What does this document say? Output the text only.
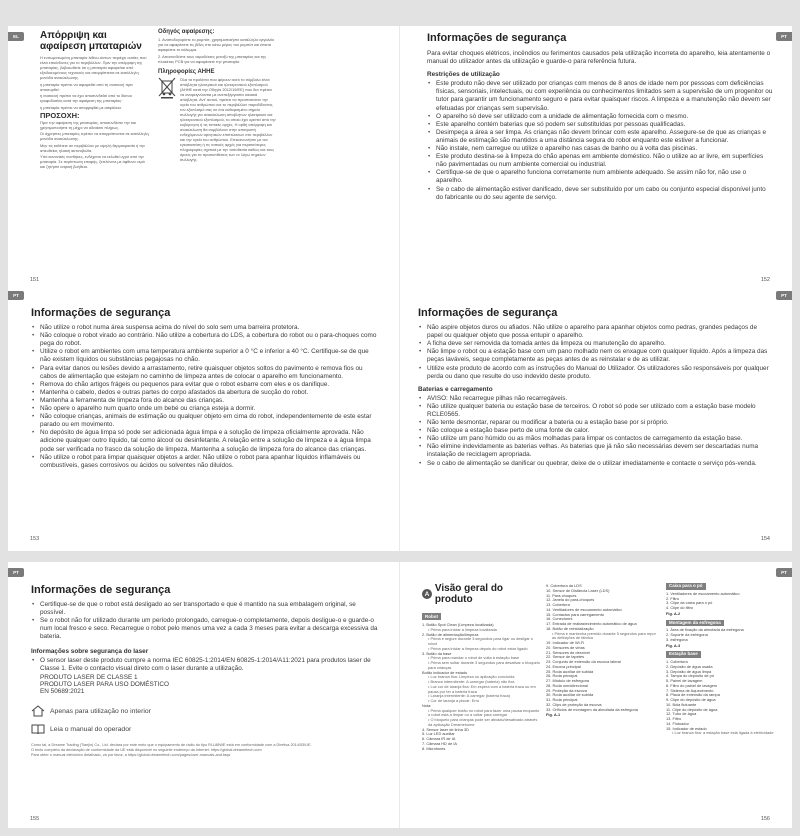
EL	Απόρριψη και αφαίρεση μπαταριών

Η ενσωματωμένη μπαταρία λιθίου-ιόντων περιέχει ουσίες που είναι επικίνδυνες για το περιβάλλον. Πριν την απόρριψη της μπαταρίας, βεβαιωθείτε ότι η μπαταρία αφαιρείται από εξειδικευμένους τεχνικούς και απορρίπτεται σε κατάλληλη μονάδα ανακύκλωσης.

η μπαταρία πρέπει να αφαιρεθεί από τη συσκευή πριν αποσυρθεί·

η συσκευή πρέπει να έχει αποσυνδεθεί από το δίκτυο τροφοδοσίας κατά την αφαίρεση της μπαταρίας·

η μπαταρία πρέπει να απορριφθεί με ασφάλεια.

ΠΡΟΣΟΧΗ:

Πριν την αφαίρεση της μπαταρίας, αποσυνδέστε την και χρησιμοποιήστε τη μέχρι να αδειάσει πλήρως.

Οι άχρηστες μπαταρίες πρέπει να απορρίπτονται σε κατάλληλη μονάδα ανακύκλωσης.

Μην τις εκθέτετε σε περιβάλλον με υψηλή θερμοκρασία ή την απευθείας ηλιακή ακτινοβολία.

Υπό κανονικές συνθήκες, ενδέχεται να εκλυθεί υγρό από την μπαταρία. Σε περίπτωση επαφής, ξεπλύνετε με άφθονο νερό και ζητήστε ιατρική βοήθεια.

Οδηγός αφαίρεσης:

1. Αναποδογυρίστε το ρομπότ, χρησιμοποιήστε κατάλληλο εργαλείο για να αφαιρέσετε τις βίδες στο κάτω μέρος του ρομπότ και έπειτα αφαιρέστε το κάλυμμα.

2. Αποσυνδέστε τους ακροδέκτες μεταξύ της μπαταρίας και της πλακέτας PCB για να αφαιρέσετε την μπαταρία.

Πληροφορίες ΑΗΗΕ

Όλα τα προϊόντα που φέρουν αυτό το σύμβολο είναι απόβλητα ηλεκτρικού και ηλεκτρονικού εξοπλισμού (ΑΗΗΕ κατά την Οδηγία 2012/19/ΕΕ) που δεν πρέπει να αναμειγνύονται με ανεπεξέργαστα οικιακά απόβλητα. Αντ' αυτού, πρέπει να προστατεύετε την υγεία του ανθρώπου και το περιβάλλον παραδίδοντας τον εξοπλισμό σας σε ένα καθορισμένο σημείο συλλογής για ανακύκλωση αποβλήτων ηλεκτρικού και ηλεκτρονικού εξοπλισμού, το οποίο έχει οριστεί από την κυβέρνηση ή τις τοπικές αρχές. Η ορθή απόρριψη και ανακύκλωση θα συμβάλουν στην αποτροπή ενδεχόμενων αρνητικών επιπτώσεων στο περιβάλλον και την υγεία του ανθρώπου. Επικοινωνήστε με τον εγκαταστάτη ή τις τοπικές αρχές για περισσότερες πληροφορίες σχετικά με την τοποθεσία καθώς και τους όρους για τα προσυπθέσεις των εν λόγω σημείων συλλογής.

151
PT
Informações de segurança

Para evitar choques elétricos, incêndios ou ferimentos causados pela utilização incorreta do aparelho, leia atentamente o manual do utilizador antes da utilização e guarde-o para referência futura.

Restrições de utilização
• Este produto não deve ser utilizado por crianças com menos de 8 anos de idade nem por pessoas com deficiências físicas, sensoriais, intelectuais, ou com experiência ou conhecimentos limitados sem a supervisão de um progenitor ou tutor para garantir um funcionamento seguro e para evitar quaisquer riscos. A limpeza e a manutenção não devem ser efetuadas por crianças sem supervisão.
• O aparelho só deve ser utilizado com a unidade de alimentação fornecida com o mesmo.
• Este aparelho contém baterias que só podem ser substituídas por pessoas qualificadas.
• Desimpeça a área a ser limpa. As crianças não devem brincar com este aparelho. Assegure-se de que as crianças e animais de estimação são mantidos a uma distância segura do robot enquanto este estiver a funcionar.
• Não instale, nem carregue ou utilize o aparelho nas casas de banho ou à volta das piscinas.
• Este produto destina-se à limpeza do chão apenas em ambiente doméstico. Não o utilize ao ar livre, em superfícies não pavimentadas ou num ambiente comercial ou industrial.
• Certifique-se de que o aparelho funciona corretamente num ambiente adequado. Se assim não for, não use o aparelho.
• Se o cabo de alimentação estiver danificado, deve ser substituído por um cabo ou conjunto especial disponível junto do fabricante ou do seu agente de serviço.
152
PT
Informações de segurança
• Não utilize o robot numa área suspensa acima do nível do solo sem uma barreira protetora.
• Não coloque o robot virado ao contrário. Não utilize a cobertura do LDS, a cobertura do robot ou o para-choques como pega do robot.
• Utilize o robot em ambientes com uma temperatura ambiente superior a 0 °C e inferior a 40 °C. Certifique-se de que não existem líquidos ou substâncias pegajosas no chão.
• Para evitar danos ou lesões devido a arrastamento, retire quaisquer objetos soltos do pavimento e remova fios ou cabos de alimentação que estejam no caminho de limpeza antes de colocar o aparelho em funcionamento.
• Remova do chão artigos frágeis ou pequenos para evitar que o robot esbarre com eles e os danifique.
• Mantenha o cabelo, dedos e outras partes do corpo afastados da abertura de sucção do robot.
• Mantenha a ferramenta de limpeza fora do alcance das crianças.
• Não opere o aparelho num quarto onde um bebé ou criança esteja a dormir.
• Não coloque crianças, animais de estimação ou qualquer objeto em cima do robot, independentemente de este estar parado ou em movimento.
• No depósito de água limpa só pode ser adicionada água limpa e a solução de limpeza oficialmente aprovada. Não adicione qualquer outro líquido, tal como álcool ou desinfetante. A relação entre a solução de limpeza e a água limpa pode ser verificada no frasco da solução de limpeza. Mantenha a solução de limpeza fora do alcance das crianças.
• Não utilize o robot para limpar quaisquer objetos a arder. Não utilize o robot para apanhar líquidos inflamáveis ou combustíveis, gases corrosivos ou ácidos ou solventes não diluídos.
153
PT
Informações de segurança
• Não aspire objetos duros ou afiados. Não utilize o aparelho para apanhar objetos como pedras, grandes pedaços de papel ou qualquer objeto que possa entupir o aparelho.
• A ficha deve ser removida da tomada antes da limpeza ou manutenção do aparelho.
• Não limpe o robot ou a estação base com um pano molhado nem os enxague com qualquer líquido. Após a limpeza das peças laváveis, seque completamente as peças antes de as reinstalar e de as utilizar.
• Utilize este produto de acordo com as instruções do Manual do Utilizador. Os utilizadores são responsáveis por qualquer perda ou dano que resulte do uso indevido deste produto.
Baterias e carregamento
• AVISO: Não recarregue pilhas não recarregáveis.
• Não utilize qualquer bateria ou estação base de terceiros. O robot só pode ser utilizado com a estação base modelo RCLE0565.
• Não tente desmontar, reparar ou modificar a bateria ou a estação base por si próprio.
• Não coloque a estação base perto de uma fonte de calor.
• Não utilize um pano húmido ou as mãos molhadas para limpar os contactos de carregamento da estação base.
• Não elimine indevidamente as baterias velhas. As baterias que já não são necessárias devem ser descartadas numa instalação de reciclagem apropriada.
• Se o cabo de alimentação se danificar ou quebrar, deixe de o utilizar imediatamente e contacte o serviço pós-venda.
154
PT
Informações de segurança
• Certifique-se de que o robot está desligado ao ser transportado e que é mantido na sua embalagem original, se possível.
• Se o robot não for utilizado durante um período prolongado, carregue-o completamente, depois desligue-o e guarde-o num local fresco e seco. Recarregue o robot pelo menos uma vez a cada 3 meses para evitar a descarga excessiva da bateria.
Informações sobre segurança do laser
• O sensor laser deste produto cumpre a norma IEC 60825-1:2014/EN 60825-1:2014/A11:2021 para produtos laser de Classe 1. Evite o contacto visual direto com o laser durante a utilização.
PRODUTO LASER DE CLASSE 1
PRODUTO LASER PARA USO DOMÉSTICO
EN 50689:2021
Apenas para utilização no interior
Leia o manual do operador

Como tal, a Dreame Trading (Tianjin) Co., Ltd. declara por este meio que o equipamento de rádio do tipo RLL88WE está em conformidade com a Diretiva 2014/53/UE.

O texto completo da declaração de conformidade da UE está disponível no seguinte endereço da Internet: https://global.dreametech.com

Para obter o manual eletrónico detalhado, vá por favor, a https://global.dreametech.com/pages/user-manuals-and-faqs

155
PT
A Visão geral do produto
Robot
1. Botão Spot Clean (Limpeza localizada)
• Prima para iniciar a limpeza localizada
2. Botão de alimentação/limpeza
• Prima e segure durante 3 segundos para ligar ou desligar o robot
• Prima para iniciar a limpeza depois do robot estar ligado
3. Botão da base
• Prima para mandar o robot de volta à estação base
• Prima sem soltar durante 3 segundos para desativar o bloqueio para crianças
Botão indicador de estado
• Luz branca fixa: Limpeza ou aplicação concluída
• Branca intermitente: A carregar (bateria) não fixa
• Luz cor de laranja fixa: Em espera com a bateria fraca ou em pausa por ter a bateria fraca
• Laranja intermitente: A carregar (bateria fraca)
• Cor de laranja a piscar: Erro
Nota:
• Prima qualquer botão no robot para fazer uma pausa enquanto o robot está a limpar ou a voltar para carregar
• O bloqueio para crianças pode ser ativado/desativado através da aplicação Dreamehome
4. Sensor laser de linha 3D
5. Luz LED auxiliar
6. Câmara IR de IA
7. Câmara HD de IA
8. Microfones
9. Cobertura da LDS
10. Sensor de Distância Laser (LDS)
11. Para-choques
12. Janela do para-choques
13. Cobertura
14. Ventiladores de escoamento automático
15. Contactos para carregamento
16. Conectores
17. Entrada de reabastecimento automático de água
18. Botão de reinicialização
• Prima e mantenha premido durante 5 segundos para repor as definições de fábrica
19. Indicador de Wi-Fi
20. Sensores de virtas
21. Sensores de desnível
22. Sensor de tapetes
23. Conjunto de extensão da escova lateral
24. Escova principal
25. Roda auxiliar de subida
26. Roda principal
27. Módulo de esfregona
28. Roda omnidirecional
29. Proteção da escova
30. Roda auxiliar de subida
31. Roda principal
32. Clips de proteção da escova
33. Orifícios de montagem da almofada da esfregona
Fig. A-1
Caixa para o pó
1. Ventiladores de escoamento automático
2. Filtro
3. Clipe da caixa para o pó
4. Clipe do filtro
Fig. A-2
Montagem da esfregona
1. Área de fixação da almofada da esfregona
2. Suporte da esfregona
3. esfregona
Fig. A-3
Estação base
1. Cobertura
2. Depósito de água usada
3. Depósito de água limpa
4. Tampa do depósito de pó
5. Painel de lavagem
6. Filtro do painel de lavagem
7. Sistema de Aquecimento
8. Placa de extensão da rampa
9. Clipe do depósito de água
10. Bóia flutuante
11. Clipe do depósito de água
12. Tubo de água
13. Filtro
14. Flutuador
15. Indicador de estado
• Luz branca fixa: a estação base está ligada à eletricidade
156
